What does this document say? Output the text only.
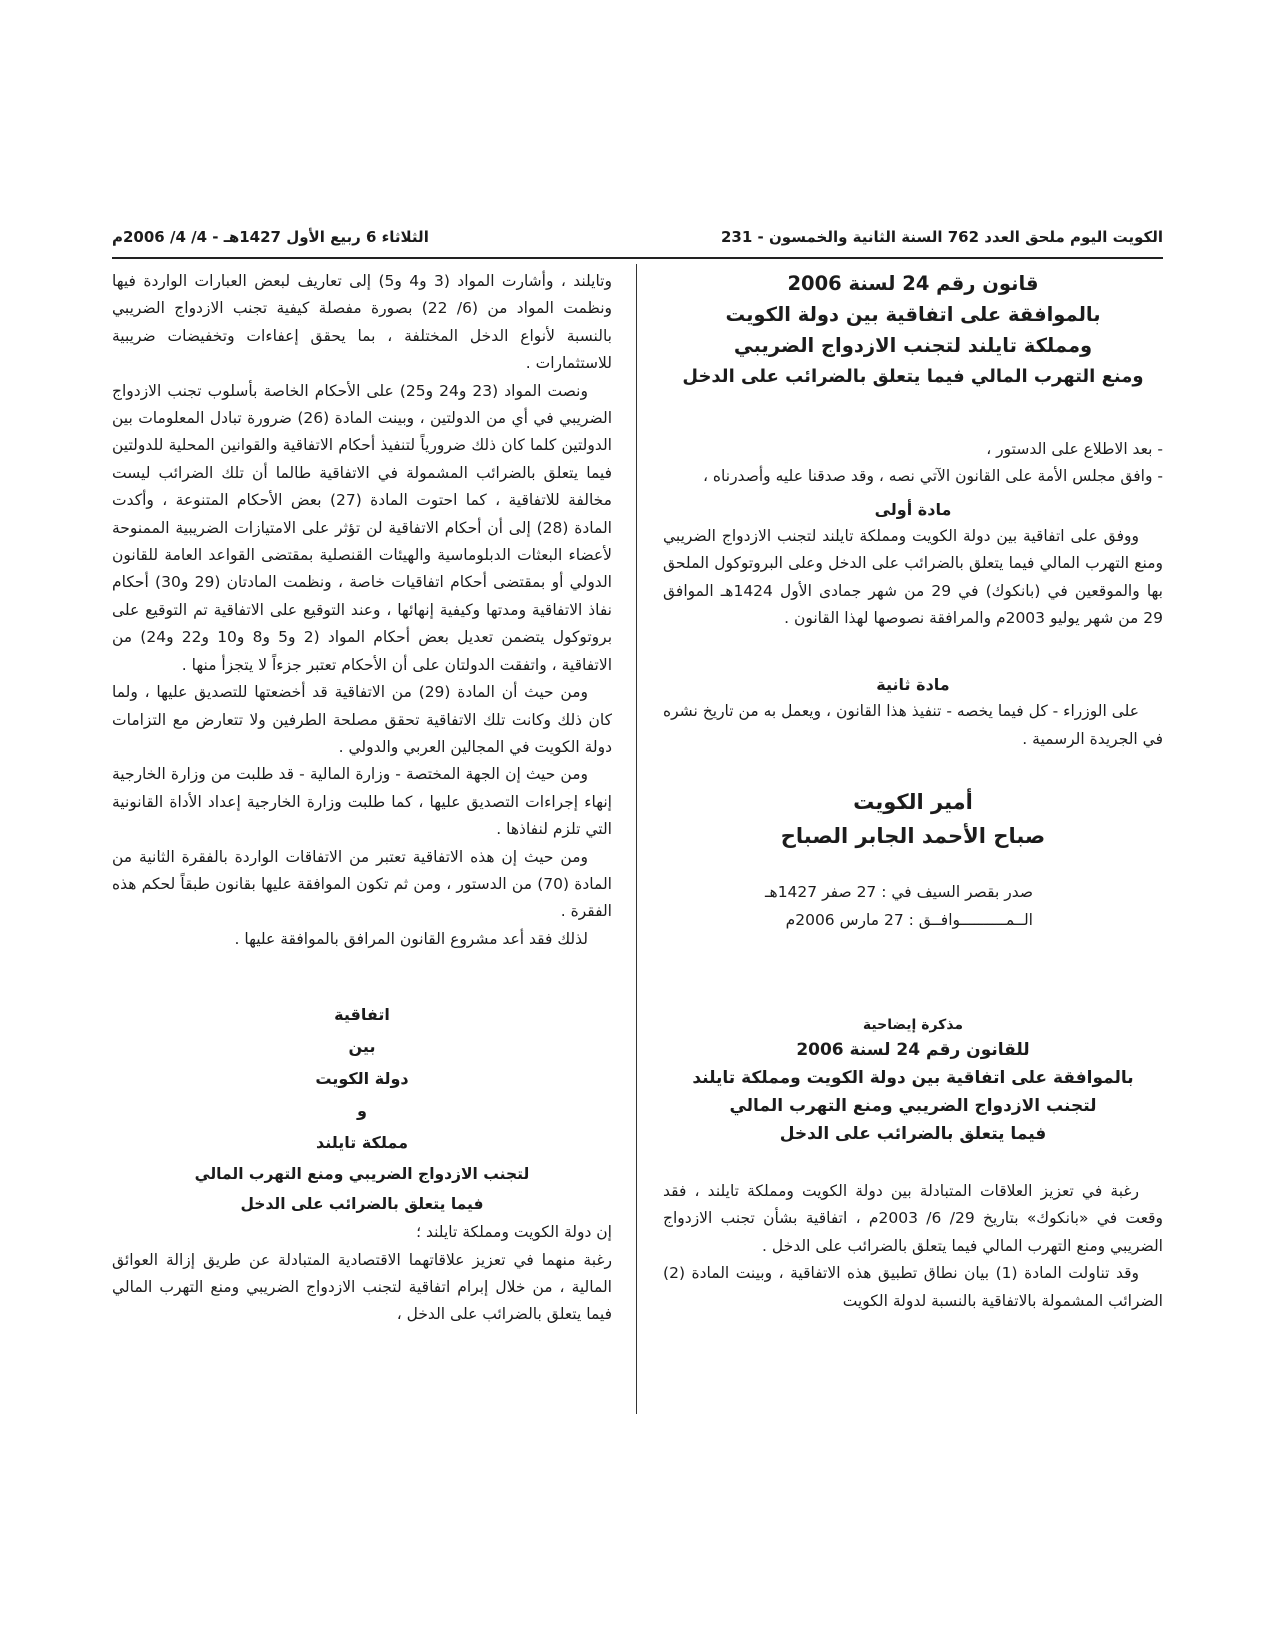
الكويت اليوم ملحق العدد 762 السنة الثانية والخمسون - 231
الثلاثاء 6 ربيع الأول 1427هـ - 4/ 4/ 2006م

قانون رقم 24 لسنة 2006

بالموافقة على اتفاقية بين دولة الكويت

ومملكة تايلند لتجنب الازدواج الضريبي

ومنع التهرب المالي فيما يتعلق بالضرائب على الدخل

- بعد الاطلاع على الدستور ،

- وافق مجلس الأمة على القانون الآتي نصه ، وقد صدقنا عليه وأصدرناه ،

مادة أولى

ووفق على اتفاقية بين دولة الكويت ومملكة تايلند لتجنب الازدواج الضريبي ومنع التهرب المالي فيما يتعلق بالضرائب على الدخل وعلى البروتوكول الملحق بها والموقعين في (بانكوك) في 29 من شهر جمادى الأول 1424هـ الموافق 29 من شهر يوليو 2003م والمرافقة نصوصها لهذا القانون .

مادة ثانية

على الوزراء - كل فيما يخصه - تنفيذ هذا القانون ، ويعمل به من تاريخ نشره في الجريدة الرسمية .

أمير الكويت

صباح الأحمد الجابر الصباح

صدر بقصر السيف في : 27 صفر 1427هـ

الــمــــــــــوافــق : 27 مارس 2006م

مذكرة إيضاحية

للقانون رقم 24 لسنة 2006

بالموافقة على اتفاقية بين دولة الكويت ومملكة تايلند

لتجنب الازدواج الضريبي ومنع التهرب المالي

فيما يتعلق بالضرائب على الدخل

رغبة في تعزيز العلاقات المتبادلة بين دولة الكويت ومملكة تايلند ، فقد وقعت في «بانكوك» بتاريخ 29/ 6/ 2003م ، اتفاقية بشأن تجنب الازدواج الضريبي ومنع التهرب المالي فيما يتعلق بالضرائب على الدخل .

وقد تناولت المادة (1) بيان نطاق تطبيق هذه الاتفاقية ، وبينت المادة (2) الضرائب المشمولة بالاتفاقية بالنسبة لدولة الكويت

وتايلند ، وأشارت المواد (3 و4 و5) إلى تعاريف لبعض العبارات الواردة فيها ونظمت المواد من (6/ 22) بصورة مفصلة كيفية تجنب الازدواج الضريبي بالنسبة لأنواع الدخل المختلفة ، بما يحقق إعفاءات وتخفيضات ضريبية للاستثمارات .

ونصت المواد (23 و24 و25) على الأحكام الخاصة بأسلوب تجنب الازدواج الضريبي في أي من الدولتين ، وبينت المادة (26) ضرورة تبادل المعلومات بين الدولتين كلما كان ذلك ضرورياً لتنفيذ أحكام الاتفاقية والقوانين المحلية للدولتين فيما يتعلق بالضرائب المشمولة في الاتفاقية طالما أن تلك الضرائب ليست مخالفة للاتفاقية ، كما احتوت المادة (27) بعض الأحكام المتنوعة ، وأكدت المادة (28) إلى أن أحكام الاتفاقية لن تؤثر على الامتيازات الضريبية الممنوحة لأعضاء البعثات الدبلوماسية والهيئات القنصلية بمقتضى القواعد العامة للقانون الدولي أو بمقتضى أحكام اتفاقيات خاصة ، ونظمت المادتان (29 و30) أحكام نفاذ الاتفاقية ومدتها وكيفية إنهائها ، وعند التوقيع على الاتفاقية تم التوقيع على بروتوكول يتضمن تعديل بعض أحكام المواد (2 و5 و8 و10 و22 و24) من الاتفاقية ، واتفقت الدولتان على أن الأحكام تعتبر جزءاً لا يتجزأ منها .

ومن حيث أن المادة (29) من الاتفاقية قد أخضعتها للتصديق عليها ، ولما كان ذلك وكانت تلك الاتفاقية تحقق مصلحة الطرفين ولا تتعارض مع التزامات دولة الكويت في المجالين العربي والدولي .

ومن حيث إن الجهة المختصة - وزارة المالية - قد طلبت من وزارة الخارجية إنهاء إجراءات التصديق عليها ، كما طلبت وزارة الخارجية إعداد الأداة القانونية التي تلزم لنفاذها .

ومن حيث إن هذه الاتفاقية تعتبر من الاتفاقات الواردة بالفقرة الثانية من المادة (70) من الدستور ، ومن ثم تكون الموافقة عليها بقانون طبقاً لحكم هذه الفقرة .

لذلك فقد أعد مشروع القانون المرافق بالموافقة عليها .

اتفاقية

بين

دولة الكويت

و

مملكة تايلند

لتجنب الازدواج الضريبي ومنع التهرب المالي

فيما يتعلق بالضرائب على الدخل

إن دولة الكويت ومملكة تايلند ؛

رغبة منهما في تعزيز علاقاتهما الاقتصادية المتبادلة عن طريق إزالة العوائق المالية ، من خلال إبرام اتفاقية لتجنب الازدواج الضريبي ومنع التهرب المالي فيما يتعلق بالضرائب على الدخل ،
